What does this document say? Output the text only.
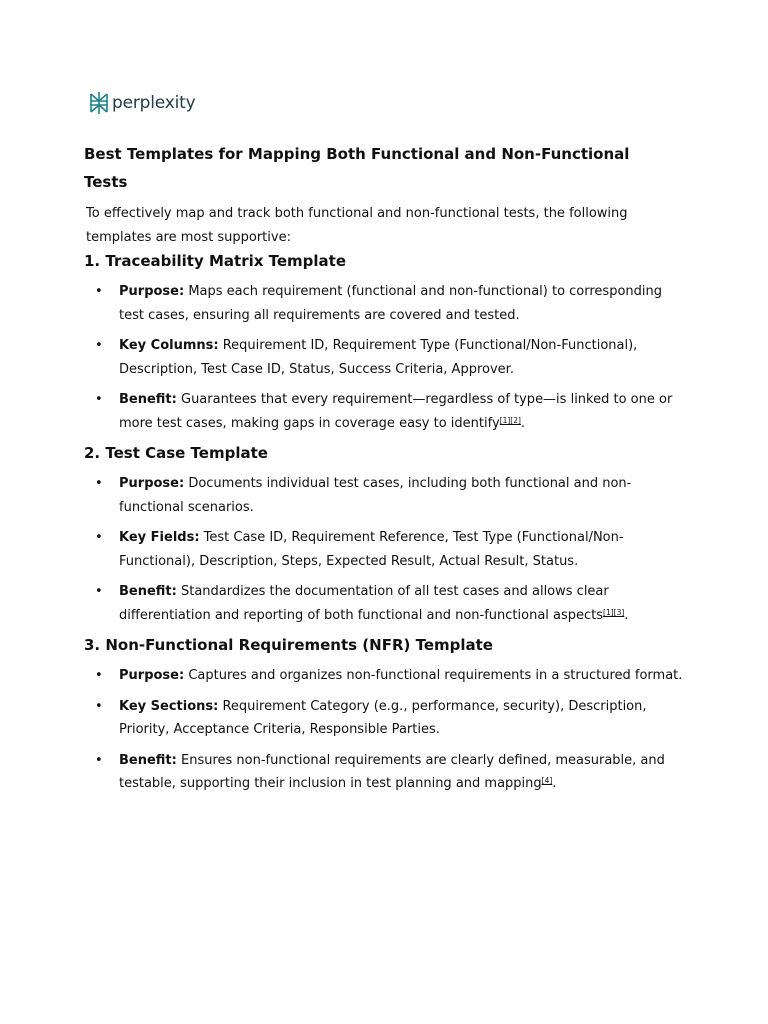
perplexity
Best Templates for Mapping Both Functional and Non-Functional Tests

To effectively map and track both functional and non-functional tests, the following templates are most supportive:

1. Traceability Matrix Template
• Purpose: Maps each requirement (functional and non-functional) to corresponding test cases, ensuring all requirements are covered and tested.
• Key Columns: Requirement ID, Requirement Type (Functional/Non-Functional), Description, Test Case ID, Status, Success Criteria, Approver.
• Benefit: Guarantees that every requirement—regardless of type—is linked to one or more test cases, making gaps in coverage easy to identify[1][2].
2. Test Case Template
• Purpose: Documents individual test cases, including both functional and non-functional scenarios.
• Key Fields: Test Case ID, Requirement Reference, Test Type (Functional/Non-Functional), Description, Steps, Expected Result, Actual Result, Status.
• Benefit: Standardizes the documentation of all test cases and allows clear differentiation and reporting of both functional and non-functional aspects[1][3].
3. Non-Functional Requirements (NFR) Template
• Purpose: Captures and organizes non-functional requirements in a structured format.
• Key Sections: Requirement Category (e.g., performance, security), Description, Priority, Acceptance Criteria, Responsible Parties.
• Benefit: Ensures non-functional requirements are clearly defined, measurable, and testable, supporting their inclusion in test planning and mapping[4].
